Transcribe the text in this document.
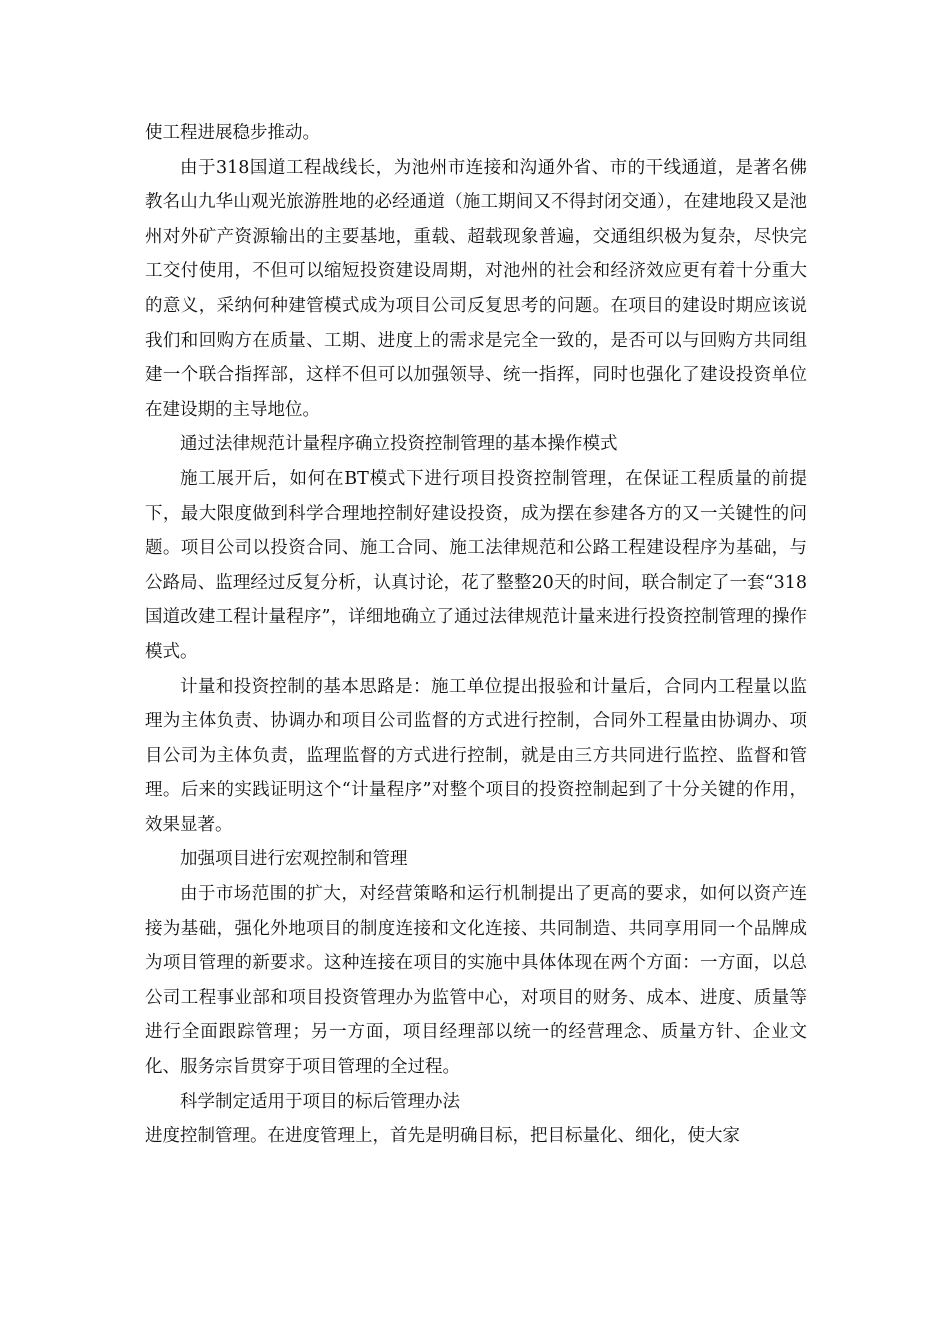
使工程进展稳步推动。

由于318国道工程战线长，为池州市连接和沟通外省、市的干线通道，是著名佛教名山九华山观光旅游胜地的必经通道（施工期间又不得封闭交通），在建地段又是池州对外矿产资源输出的主要基地，重载、超载现象普遍，交通组织极为复杂，尽快完工交付使用，不但可以缩短投资建设周期，对池州的社会和经济效应更有着十分重大的意义，采纳何种建管模式成为项目公司反复思考的问题。在项目的建设时期应该说我们和回购方在质量、工期、进度上的需求是完全一致的，是否可以与回购方共同组建一个联合指挥部，这样不但可以加强领导、统一指挥，同时也强化了建设投资单位在建设期的主导地位。

通过法律规范计量程序确立投资控制管理的基本操作模式

施工展开后，如何在BT模式下进行项目投资控制管理，在保证工程质量的前提下，最大限度做到科学合理地控制好建设投资，成为摆在参建各方的又一关键性的问题。项目公司以投资合同、施工合同、施工法律规范和公路工程建设程序为基础，与公路局、监理经过反复分析，认真讨论，花了整整20天的时间，联合制定了一套“318国道改建工程计量程序”，详细地确立了通过法律规范计量来进行投资控制管理的操作模式。

计量和投资控制的基本思路是：施工单位提出报验和计量后，合同内工程量以监理为主体负责、协调办和项目公司监督的方式进行控制，合同外工程量由协调办、项目公司为主体负责，监理监督的方式进行控制，就是由三方共同进行监控、监督和管理。后来的实践证明这个“计量程序”对整个项目的投资控制起到了十分关键的作用，效果显著。

加强项目进行宏观控制和管理

由于市场范围的扩大，对经营策略和运行机制提出了更高的要求，如何以资产连接为基础，强化外地项目的制度连接和文化连接、共同制造、共同享用同一个品牌成为项目管理的新要求。这种连接在项目的实施中具体体现在两个方面：一方面，以总公司工程事业部和项目投资管理办为监管中心，对项目的财务、成本、进度、质量等进行全面跟踪管理；另一方面，项目经理部以统一的经营理念、质量方针、企业文化、服务宗旨贯穿于项目管理的全过程。

科学制定适用于项目的标后管理办法

进度控制管理。在进度管理上，首先是明确目标，把目标量化、细化，使大家
